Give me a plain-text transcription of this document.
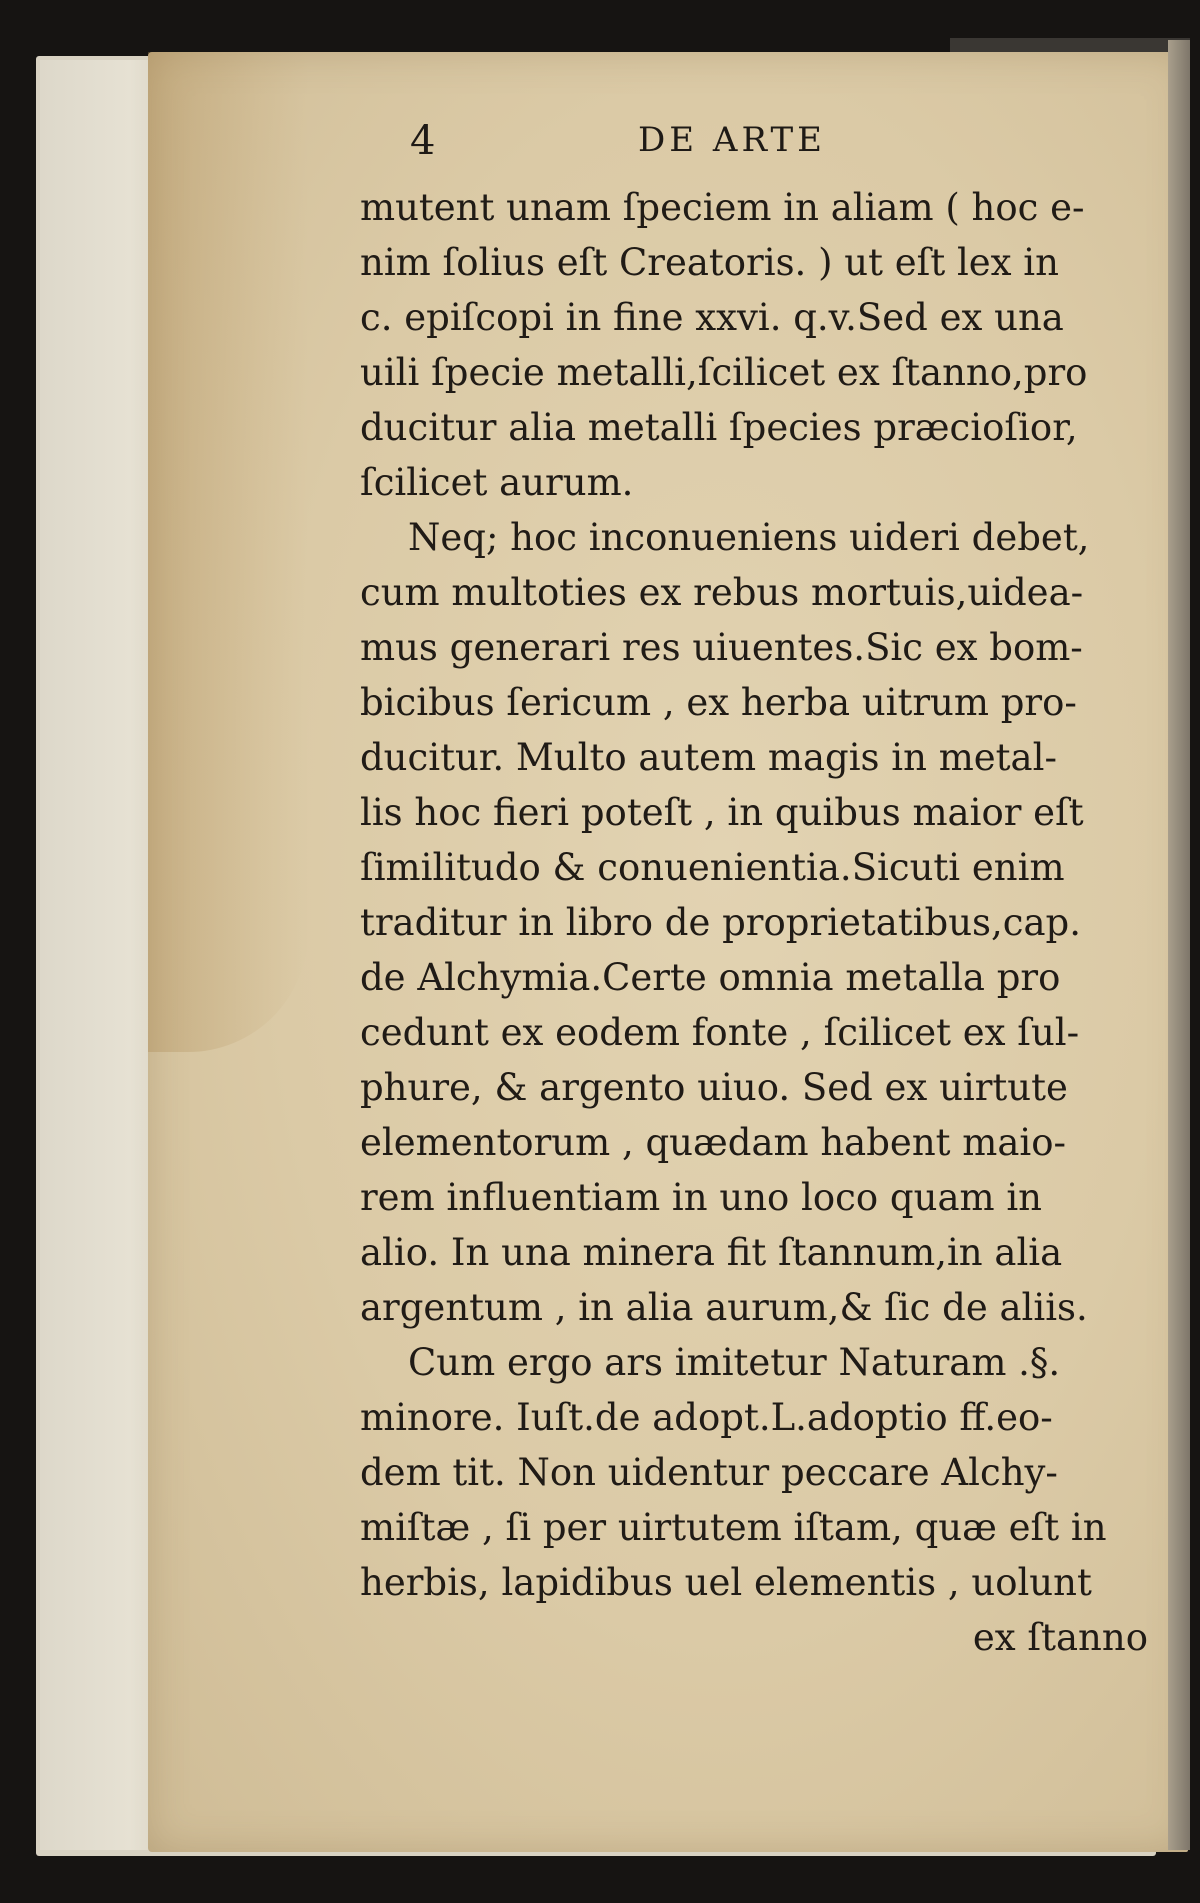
4	DE ARTE
mutent unam ſpeciem in aliam ( hoc e-
nim ſolius eſt Creatoris. ) ut eſt lex in
c. epiſcopi in fine xxvi. q.v.Sed ex una
uili ſpecie metalli,ſcilicet ex ſtanno,pro
ducitur alia metalli ſpecies præcioſior,
ſcilicet aurum.
Neq; hoc inconueniens uideri debet,
cum multoties ex rebus mortuis,uidea-
mus generari res uiuentes.Sic ex bom-
bicibus ſericum , ex herba uitrum pro-
ducitur. Multo autem magis in metal-
lis hoc fieri poteſt , in quibus maior eſt
ſimilitudo & conuenientia.Sicuti enim
traditur in libro de proprietatibus,cap.
de Alchymia.Certe omnia metalla pro
cedunt ex eodem fonte , ſcilicet ex ſul-
phure, & argento uiuo. Sed ex uirtute
elementorum , quædam habent maio-
rem influentiam in uno loco quam in
alio. In una minera fit ſtannum,in alia
argentum , in alia aurum,& ſic de aliis.
Cum ergo ars imitetur Naturam .§.
minore. Iuſt.de adopt.L.adoptio ff.eo-
dem tit. Non uidentur peccare Alchy-
miſtæ , ſi per uirtutem iſtam, quæ eſt in
herbis, lapidibus uel elementis , uolunt
ex ſtanno
